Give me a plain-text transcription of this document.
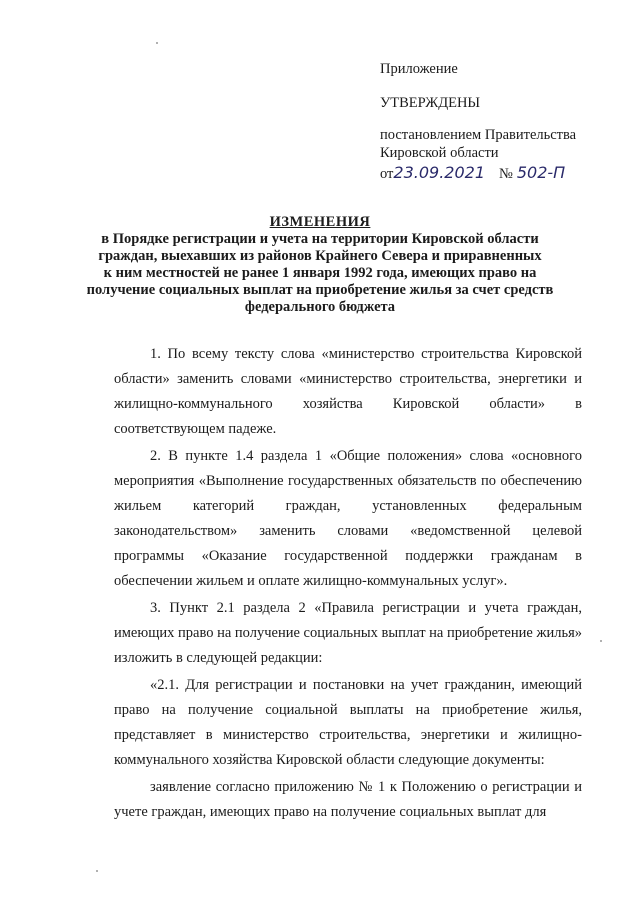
Приложение
УТВЕРЖДЕНЫ
постановлением Правительства
Кировской области
от23.09.2021 № 502-П
ИЗМЕНЕНИЯ
в Порядке регистрации и учета на территории Кировской области
граждан, выехавших из районов Крайнего Севера и приравненных
к ним местностей не ранее 1 января 1992 года, имеющих право на
получение социальных выплат на приобретение жилья за счет средств
федерального бюджета

1. По всему тексту слова «министерство строительства Кировской области» заменить словами «министерство строительства, энергетики и жилищно-коммунального хозяйства Кировской области» в соответствующем падеже.

2. В пункте 1.4 раздела 1 «Общие положения» слова «основного мероприятия «Выполнение государственных обязательств по обеспечению жильем категорий граждан, установленных федеральным законодательством» заменить словами «ведомственной целевой программы «Оказание государственной поддержки гражданам в обеспечении жильем и оплате жилищно-коммунальных услуг».

3. Пункт 2.1 раздела 2 «Правила регистрации и учета граждан, имеющих право на получение социальных выплат на приобретение жилья» изложить в следующей редакции:

«2.1. Для регистрации и постановки на учет гражданин, имеющий право на получение социальной выплаты на приобретение жилья, представляет в министерство строительства, энергетики и жилищно-коммунального хозяйства Кировской области следующие документы:

заявление согласно приложению № 1 к Положению о регистрации и учете граждан, имеющих право на получение социальных выплат для
